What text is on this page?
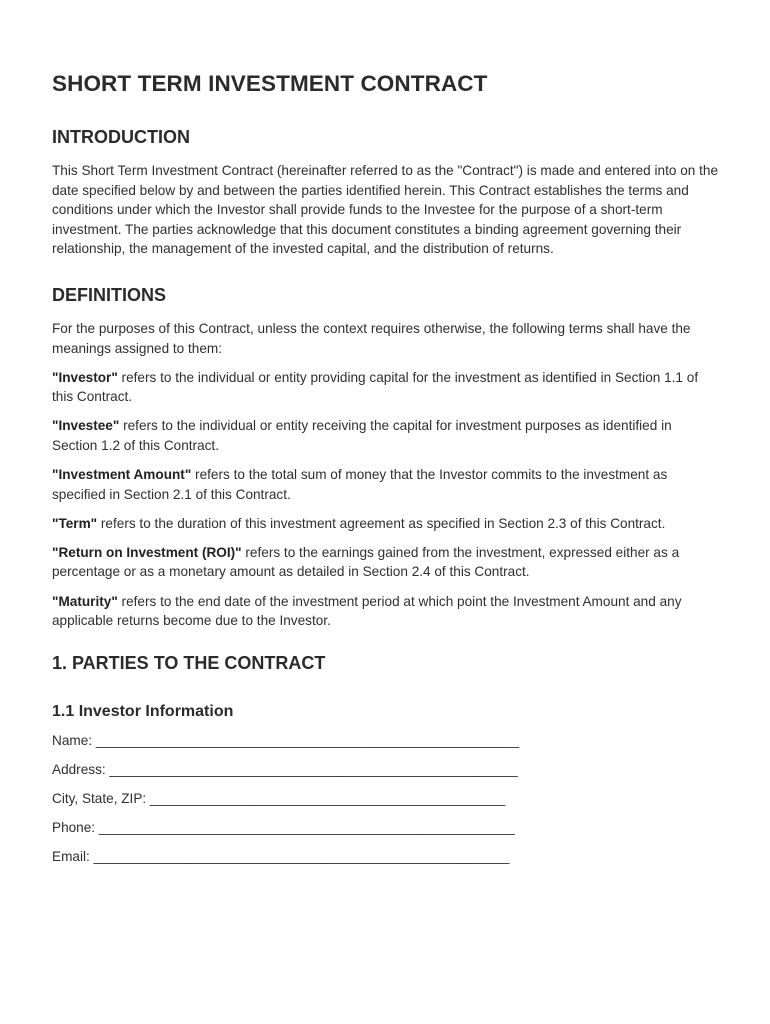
SHORT TERM INVESTMENT CONTRACT
INTRODUCTION

This Short Term Investment Contract (hereinafter referred to as the "Contract") is made and entered into on the date specified below by and between the parties identified herein. This Contract establishes the terms and conditions under which the Investor shall provide funds to the Investee for the purpose of a short-term investment. The parties acknowledge that this document constitutes a binding agreement governing their relationship, the management of the invested capital, and the distribution of returns.

DEFINITIONS

For the purposes of this Contract, unless the context requires otherwise, the following terms shall have the meanings assigned to them:

"Investor" refers to the individual or entity providing capital for the investment as identified in Section 1.1 of this Contract.

"Investee" refers to the individual or entity receiving the capital for investment purposes as identified in Section 1.2 of this Contract.

"Investment Amount" refers to the total sum of money that the Investor commits to the investment as specified in Section 2.1 of this Contract.

"Term" refers to the duration of this investment agreement as specified in Section 2.3 of this Contract.

"Return on Investment (ROI)" refers to the earnings gained from the investment, expressed either as a percentage or as a monetary amount as detailed in Section 2.4 of this Contract.

"Maturity" refers to the end date of the investment period at which point the Investment Amount and any applicable returns become due to the Investor.

1. PARTIES TO THE CONTRACT
1.1 Investor Information

Name: ________________________________________________________

Address: ______________________________________________________

City, State, ZIP: _______________________________________________

Phone: _______________________________________________________

Email: _______________________________________________________
